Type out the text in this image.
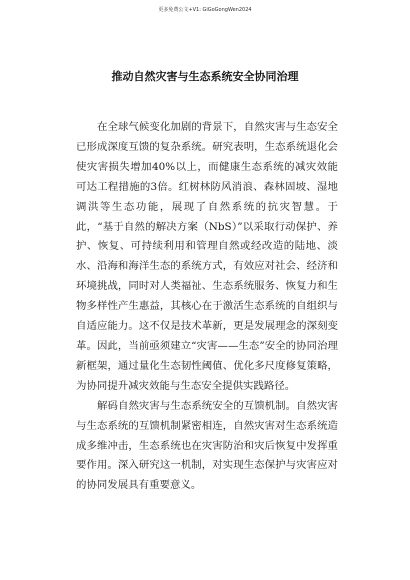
更多免费公文+V1: GiGoGongWen2024
推动自然灾害与生态系统安全协同治理

在全球气候变化加剧的背景下，自然灾害与生态安全已形成深度互馈的复杂系统。研究表明，生态系统退化会使灾害损失增加40%以上，而健康生态系统的减灾效能可达工程措施的3倍。红树林防风消浪、森林固坡、湿地调洪等生态功能，展现了自然系统的抗灾智慧。于此，“基于自然的解决方案（NbS）”以采取行动保护、养护、恢复、可持续利用和管理自然或经改造的陆地、淡水、沿海和海洋生态的系统方式，有效应对社会、经济和环境挑战，同时对人类福祉、生态系统服务、恢复力和生物多样性产生惠益，其核心在于激活生态系统的自组织与自适应能力。这不仅是技术革新，更是发展理念的深刻变革。因此，当前亟须建立“灾害——生态”安全的协同治理新框架，通过量化生态韧性阈值、优化多尺度修复策略，为协同提升减灾效能与生态安全提供实践路径。

解码自然灾害与生态系统安全的互馈机制。自然灾害与生态系统的互馈机制紧密相连，自然灾害对生态系统造成多维冲击，生态系统也在灾害防治和灾后恢复中发挥重要作用。深入研究这一机制，对实现生态保护与灾害应对的协同发展具有重要意义。
